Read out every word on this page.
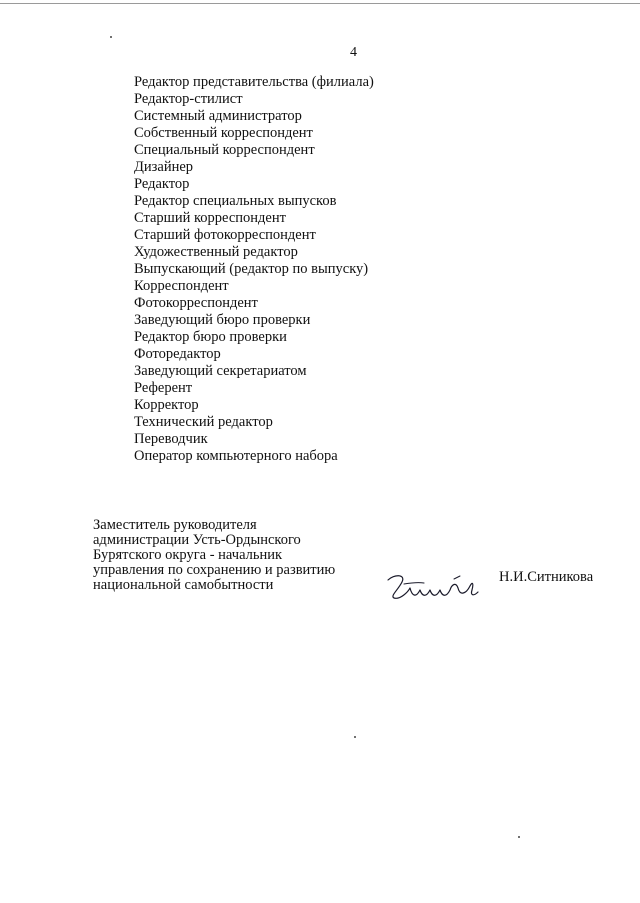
4
Редактор представительства (филиала)
Редактор-стилист
Системный администратор
Собственный корреспондент
Специальный корреспондент
Дизайнер
Редактор
Редактор специальных выпусков
Старший корреспондент
Старший фотокорреспондент
Художественный редактор
Выпускающий (редактор по выпуску)
Корреспондент
Фотокорреспондент
Заведующий бюро проверки
Редактор бюро проверки
Фоторедактор
Заведующий секретариатом
Референт
Корректор
Технический редактор
Переводчик
Оператор компьютерного набора
Заместитель руководителя
администрации Усть-Ордынского
Бурятского округа - начальник
управления по сохранению и развитию
национальной самобытности	Н.И.Ситникова
